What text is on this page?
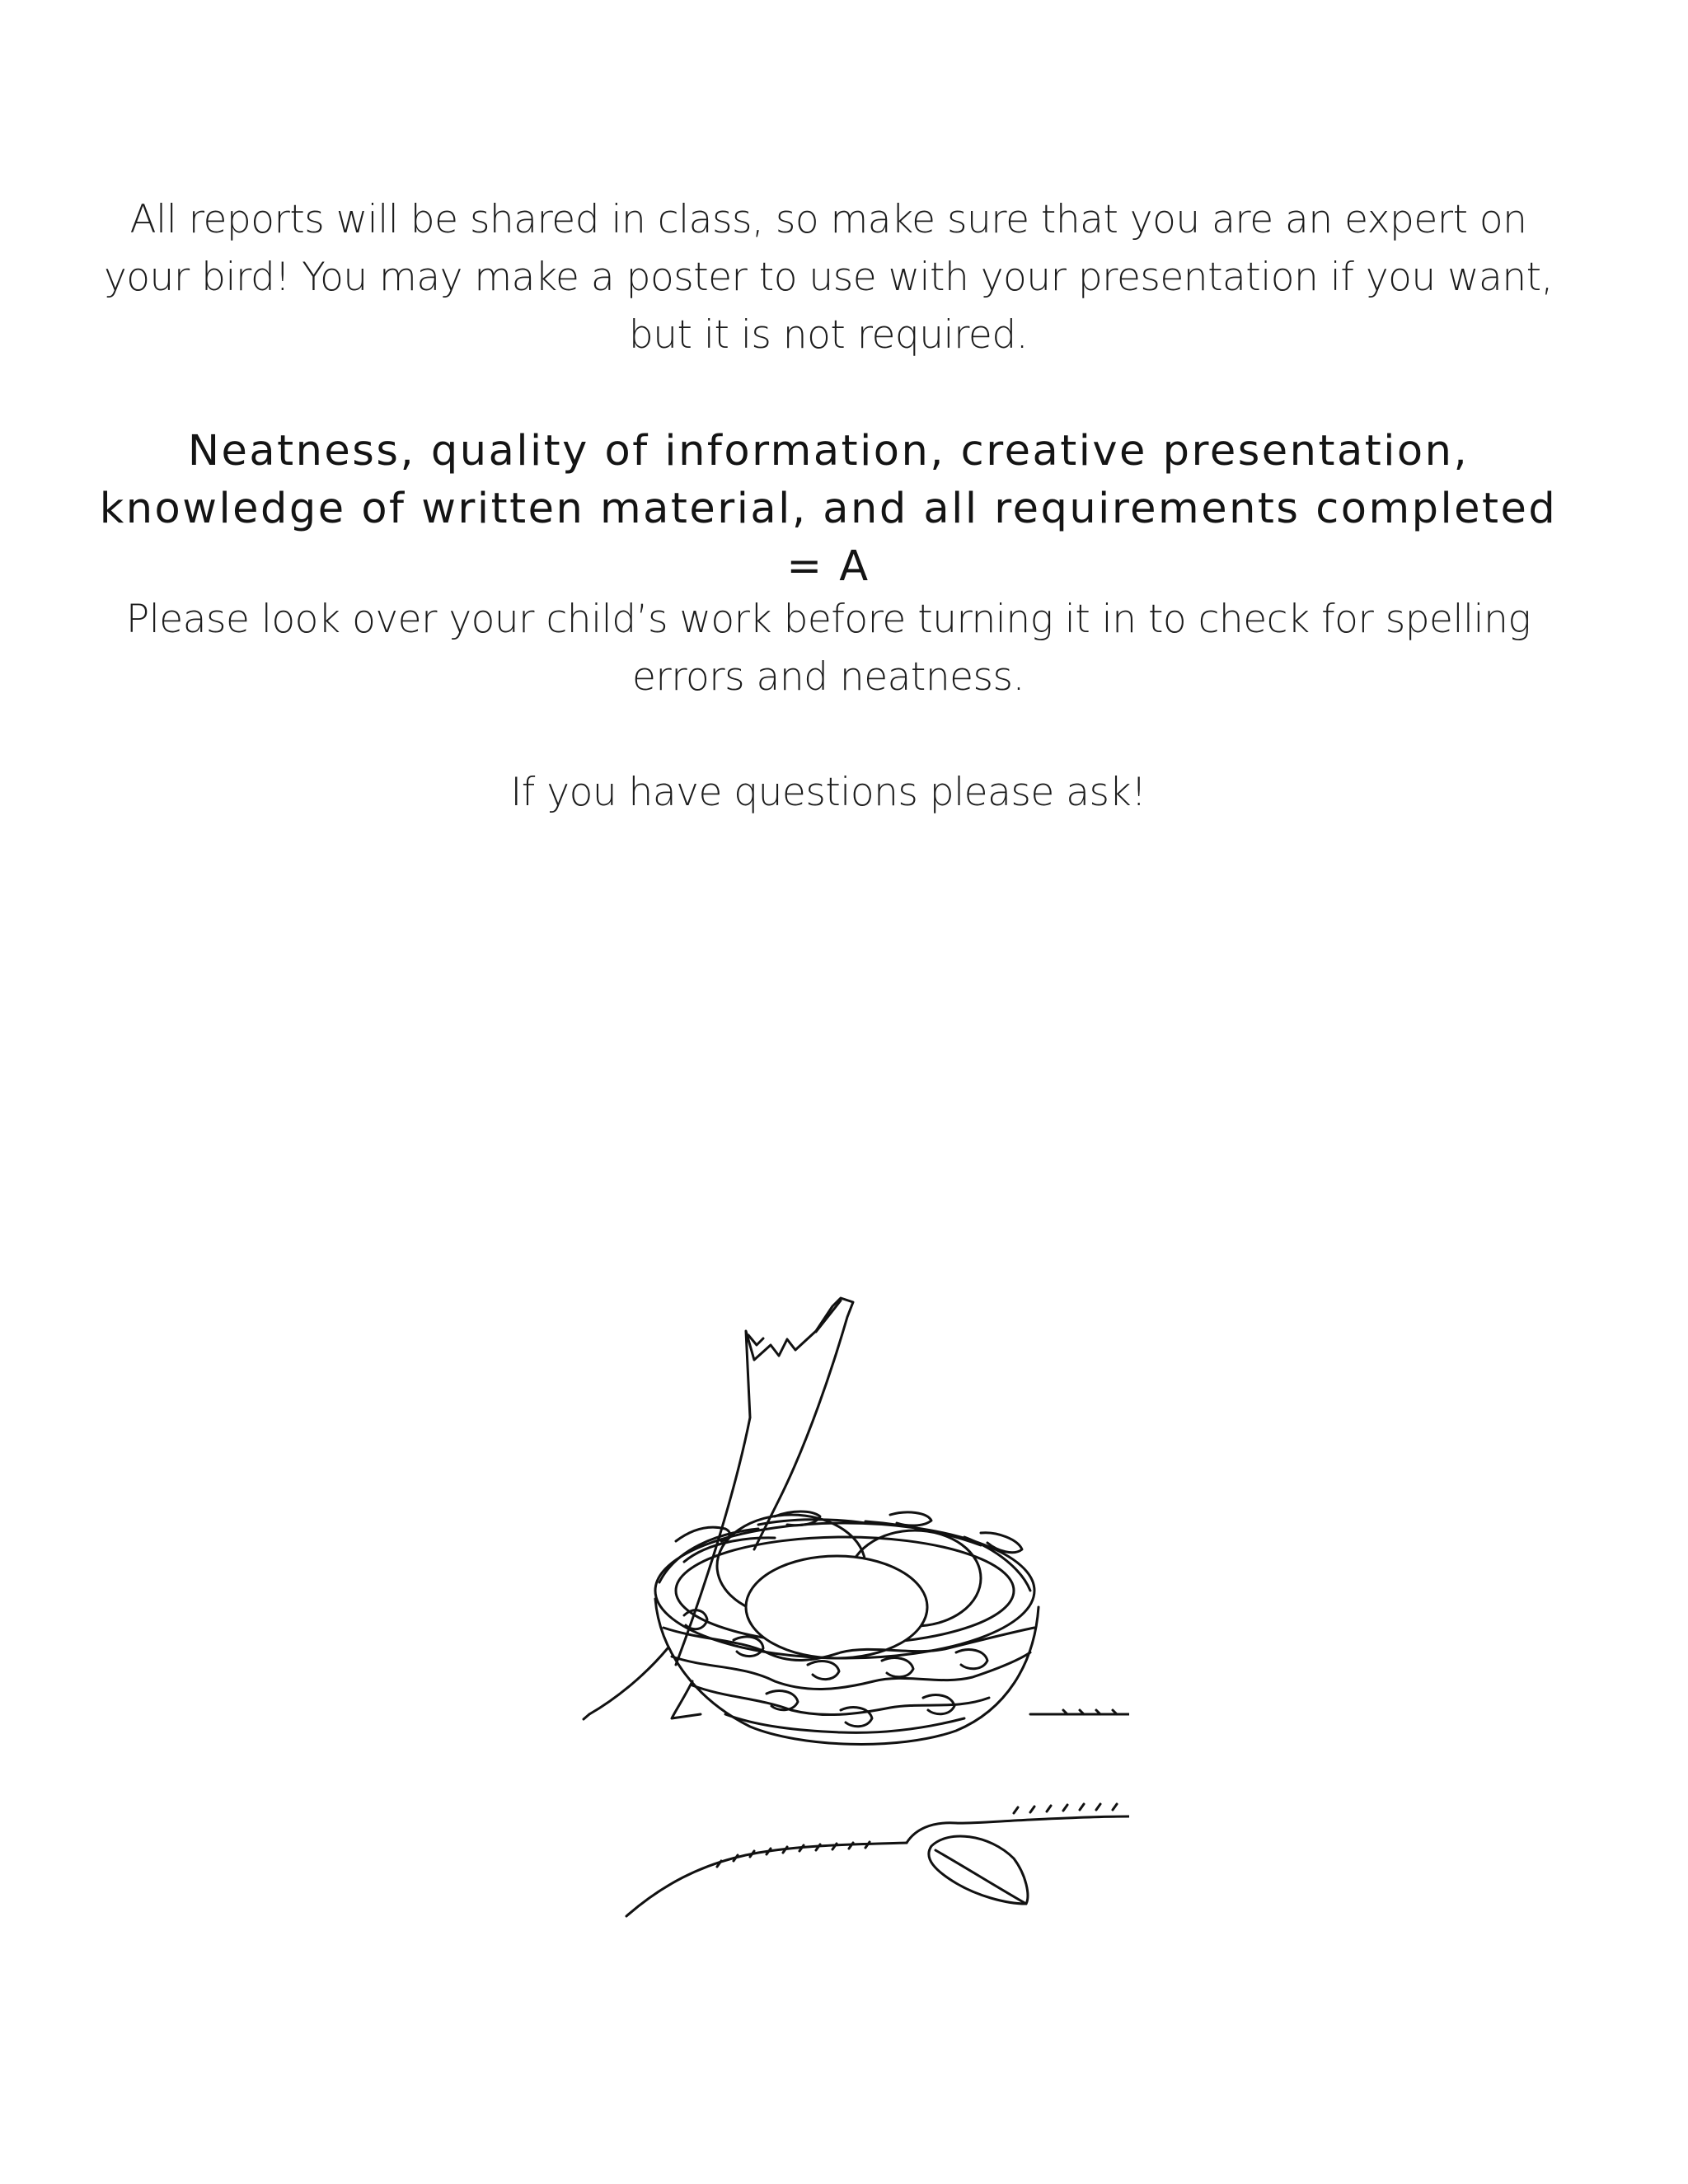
All reports will be shared in class, so make sure that you are an expert on your bird! You may make a poster to use with your presentation if you want, but it is not required.

Neatness, quality of information, creative presentation, knowledge of written material, and all requirements completed = A

Please look over your child’s work before turning it in to check for spelling errors and neatness.

If you have questions please ask!
